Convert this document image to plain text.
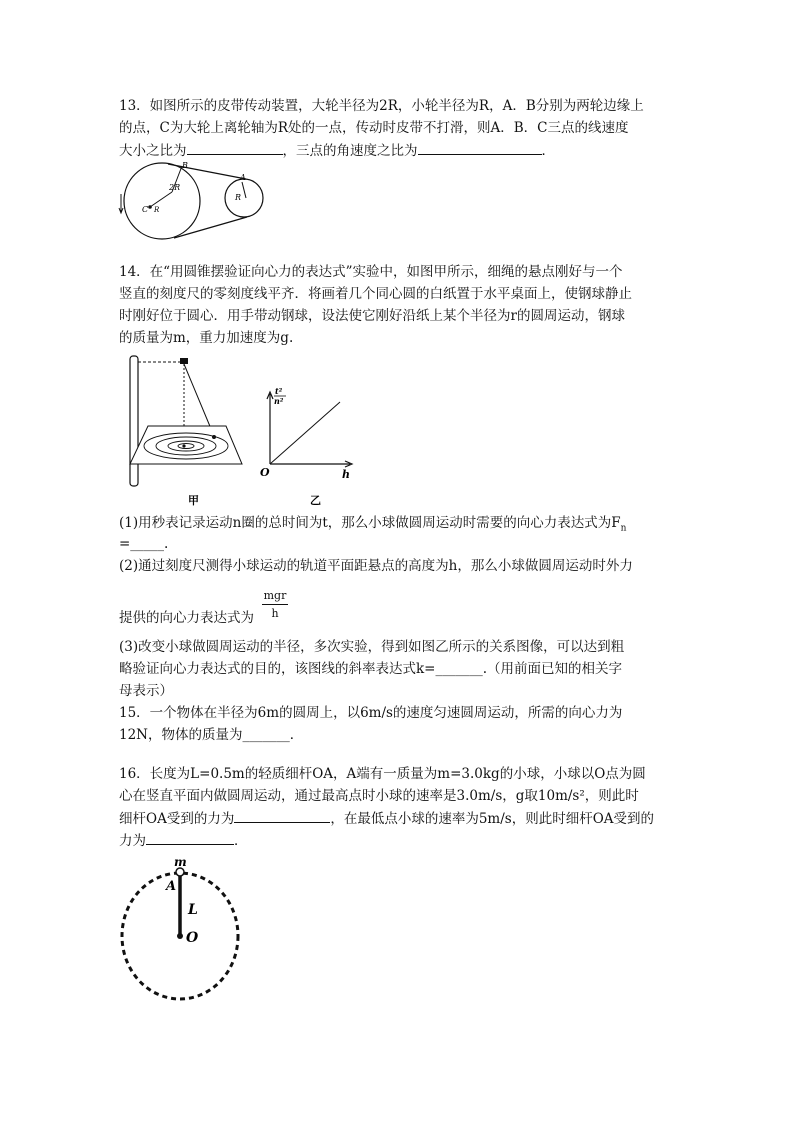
13．如图所示的皮带传动装置，大轮半径为2R，小轮半径为R，A．B分别为两轮边缘上
的点，C为大轮上离轮轴为R处的一点，传动时皮带不打滑，则A．B．C三点的线速度
大小之比为	，三点的角速度之比为	．
B
A
R
2R
C R
14．在“用圆锥摆验证向心力的表达式”实验中，如图甲所示，细绳的悬点刚好与一个
竖直的刻度尺的零刻度线平齐．将画着几个同心圆的白纸置于水平桌面上，使钢球静止
时刚好位于圆心．用手带动钢球，设法使它刚好沿纸上某个半径为r的圆周运动，钢球
的质量为m，重力加速度为g.
甲
O	h
t²
n²
乙
(1)用秒表记录运动n圈的总时间为t，那么小球做圆周运动时需要的向心力表达式为$F_n$
=_____.
(2)通过刻度尺测得小球运动的轨道平面距悬点的高度为h，那么小球做圆周运动时外力
mgr
h
提供的向心力表达式为
(3)改变小球做圆周运动的半径，多次实验，得到如图乙所示的关系图像，可以达到粗
略验证向心力表达式的目的，该图线的斜率表达式k=_______.（用前面已知的相关字
母表示）
15．一个物体在半径为6m的圆周上，以6m/s的速度匀速圆周运动，所需的向心力为
12N，物体的质量为_______．
16．长度为L=0.5m的轻质细杆OA，A端有一质量为m=3.0kg的小球，小球以O点为圆
心在竖直平面内做圆周运动，通过最高点时小球的速率是3.0m/s，g取10m/s²，则此时
细杆OA受到的力为	，在最低点小球的速率为5m/s，则此时细杆OA受到的
力为	．
m
A
L
O
